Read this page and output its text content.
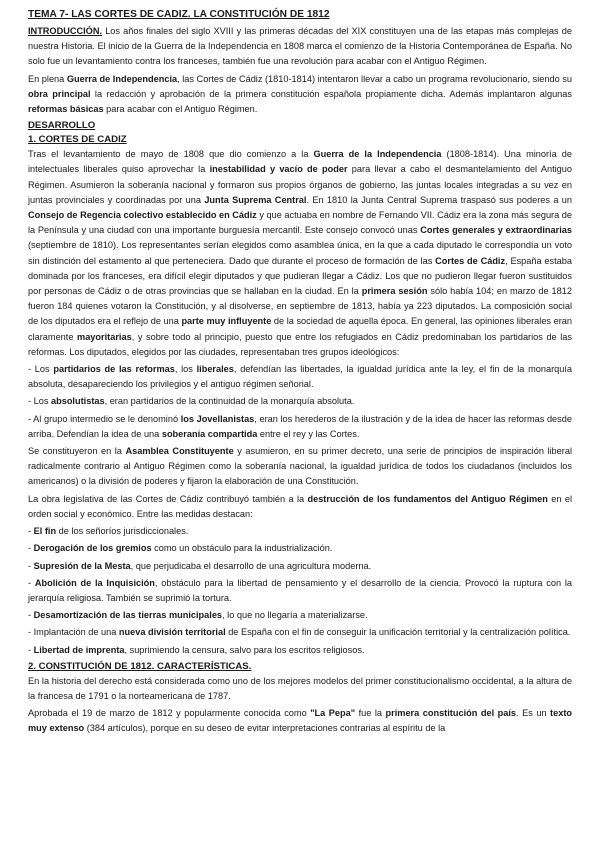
TEMA 7- LAS CORTES DE CADIZ. LA CONSTITUCIÓN DE 1812

INTRODUCCIÓN. Los años finales del siglo XVIII y las primeras décadas del XIX constituyen una de las etapas más complejas de nuestra Historia. El inicio de la Guerra de la Independencia en 1808 marca el comienzo de la Historia Contemporánea de España. No solo fue un levantamiento contra los franceses, también fue una revolución para acabar con el Antiguo Régimen.

En plena Guerra de Independencia, las Cortes de Cádiz (1810-1814) intentaron llevar a cabo un programa revolucionario, siendo su obra principal la redacción y aprobación de la primera constitución española propiamente dicha. Además implantaron algunas reformas básicas para acabar con el Antiguo Régimen.

DESARROLLO
1. CORTES DE CADIZ

Tras el levantamiento de mayo de 1808 que dio comienzo a la Guerra de la Independencia (1808-1814). Una minoría de intelectuales liberales quiso aprovechar la inestabilidad y vacío de poder para llevar a cabo el desmantelamiento del Antiguo Régimen. Asumieron la soberanía nacional y formaron sus propios órganos de gobierno, las juntas locales integradas a su vez en juntas provinciales y coordinadas por una Junta Suprema Central. En 1810 la Junta Central Suprema traspasó sus poderes a un Consejo de Regencia colectivo establecido en Cádiz y que actuaba en nombre de Fernando VII. Cádiz era la zona más segura de la Península y una ciudad con una importante burguesía mercantil. Este consejo convocó unas Cortes generales y extraordinarias (septiembre de 1810). Los representantes serían elegidos como asamblea única, en la que a cada diputado le correspondía un voto sin distinción del estamento al que perteneciera. Dado que durante el proceso de formación de las Cortes de Cádiz, España estaba dominada por los franceses, era difícil elegir diputados y que pudieran llegar a Cádiz. Los que no pudieron llegar fueron sustituidos por personas de Cádiz o de otras provincias que se hallaban en la ciudad. En la primera sesión sólo había 104; en marzo de 1812 fueron 184 quienes votaron la Constitución, y al disolverse, en septiembre de 1813, había ya 223 diputados. La composición social de los diputados era el reflejo de una parte muy influyente de la sociedad de aquella época. En general, las opiniones liberales eran claramente mayoritarias, y sobre todo al principio, puesto que entre los refugiados en Cádiz predominaban los partidarios de las reformas. Los diputados, elegidos por las ciudades, representaban tres grupos ideológicos:

- Los partidarios de las reformas, los liberales, defendían las libertades, la igualdad jurídica ante la ley, el fin de la monarquía absoluta, desapareciendo los privilegios y el antiguo régimen señorial.

- Los absolutistas, eran partidarios de la continuidad de la monarquía absoluta.

- Al grupo intermedio se le denominó los Jovellanistas, eran los herederos de la ilustración y de la idea de hacer las reformas desde arriba. Defendían la idea de una soberanía compartida entre el rey y las Cortes.

Se constituyeron en la Asamblea Constituyente y asumieron, en su primer decreto, una serie de principios de inspiración liberal radicalmente contrario al Antiguo Régimen como la soberanía nacional, la igualdad jurídica de todos los ciudadanos (incluidos los americanos) o la división de poderes y fijaron la elaboración de una Constitución.

La obra legislativa de las Cortes de Cádiz contribuyó también a la destrucción de los fundamentos del Antiguo Régimen en el orden social y económico. Entre las medidas destacan:

- El fin de los señoríos jurisdiccionales.

- Derogación de los gremios como un obstáculo para la industrialización.

- Supresión de la Mesta, que perjudicaba el desarrollo de una agricultura moderna.

- Abolición de la Inquisición, obstáculo para la libertad de pensamiento y el desarrollo de la ciencia. Provocó la ruptura con la jerarquía religiosa. También se suprimió la tortura.

- Desamortización de las tierras municipales, lo que no llegaría a materializarse.

- Implantación de una nueva división territorial de España con el fin de conseguir la unificación territorial y la centralización política.

- Libertad de imprenta, suprimiendo la censura, salvo para los escritos religiosos.

2. CONSTITUCIÓN DE 1812. CARACTERÍSTICAS.

En la historia del derecho está considerada como uno de los mejores modelos del primer constitucionalismo occidental, a la altura de la francesa de 1791 o la norteamericana de 1787.

Aprobada el 19 de marzo de 1812 y popularmente conocida como "La Pepa" fue la primera constitución del país. Es un texto muy extenso (384 artículos), porque en su deseo de evitar interpretaciones contrarias al espíritu de la
